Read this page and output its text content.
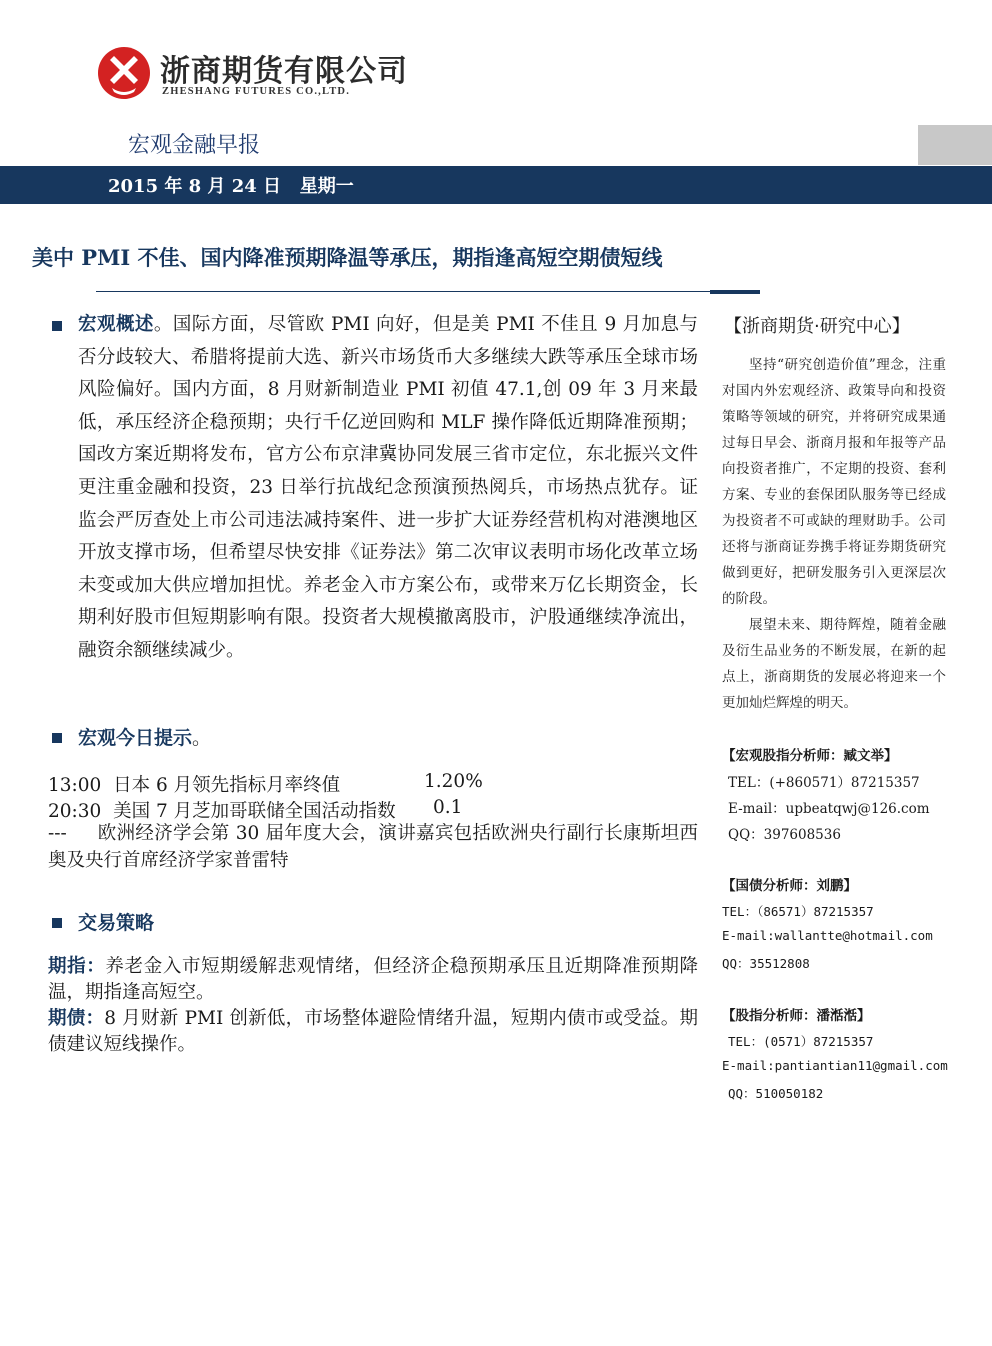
浙商期货有限公司
ZHESHANG FUTURES CO.,LTD.
宏观金融早报
2015 年 8 月 24 日   星期一
美中 PMI 不佳、国内降准预期降温等承压，期指逢高短空期债短线
宏观概述。国际方面，尽管欧 PMI 向好，但是美 PMI 不佳且 9 月加息与否分歧较大、希腊将提前大选、新兴市场货币大多继续大跌等承压全球市场风险偏好。国内方面，8 月财新制造业 PMI 初值 47.1,创 09 年 3 月来最低，承压经济企稳预期；央行千亿逆回购和 MLF 操作降低近期降准预期；国改方案近期将发布，官方公布京津冀协同发展三省市定位，东北振兴文件更注重金融和投资，23 日举行抗战纪念预演预热阅兵，市场热点犹存。证监会严厉查处上市公司违法减持案件、进一步扩大证券经营机构对港澳地区开放支撑市场，但希望尽快安排《证券法》第二次审议表明市场化改革立场未变或加大供应增加担忧。养老金入市方案公布，或带来万亿长期资金，长期利好股市但短期影响有限。投资者大规模撤离股市，沪股通继续净流出，融资余额继续减少。
宏观今日提示。
13:00 日本 6 月领先指标月率终值	1.20%
20:30 美国 7 月芝加哥联储全国活动指数 0.1
--- 欧洲经济学会第 30 届年度大会，演讲嘉宾包括欧洲央行副行长康斯坦西奥及央行首席经济学家普雷特
交易策略
期指：养老金入市短期缓解悲观情绪，但经济企稳预期承压且近期降准预期降温，期指逢高短空。
期债：8 月财新 PMI 创新低，市场整体避险情绪升温，短期内债市或受益。期债建议短线操作。
【浙商期货·研究中心】
坚持“研究创造价值”理念，注重对国内外宏观经济、政策导向和投资策略等领域的研究，并将研究成果通过每日早会、浙商月报和年报等产品向投资者推广，不定期的投资、套利方案、专业的套保团队服务等已经成为投资者不可或缺的理财助手。公司还将与浙商证券携手将证券期货研究做到更好，把研发服务引入更深层次的阶段。
展望未来、期待辉煌，随着金融及衍生品业务的不断发展，在新的起点上，浙商期货的发展必将迎来一个更加灿烂辉煌的明天。
【宏观股指分析师：臧文举】
TEL：(+860571）87215357
E-mail：upbeatqwj@126.com
QQ：397608536
【国债分析师：刘鹏】
TEL：（86571）87215357
E-mail:wallantte@hotmail.com
QQ：35512808
【股指分析师：潘湉湉】
TEL：(0571）87215357
E-mail:pantiantian11@gmail.com
QQ：510050182
